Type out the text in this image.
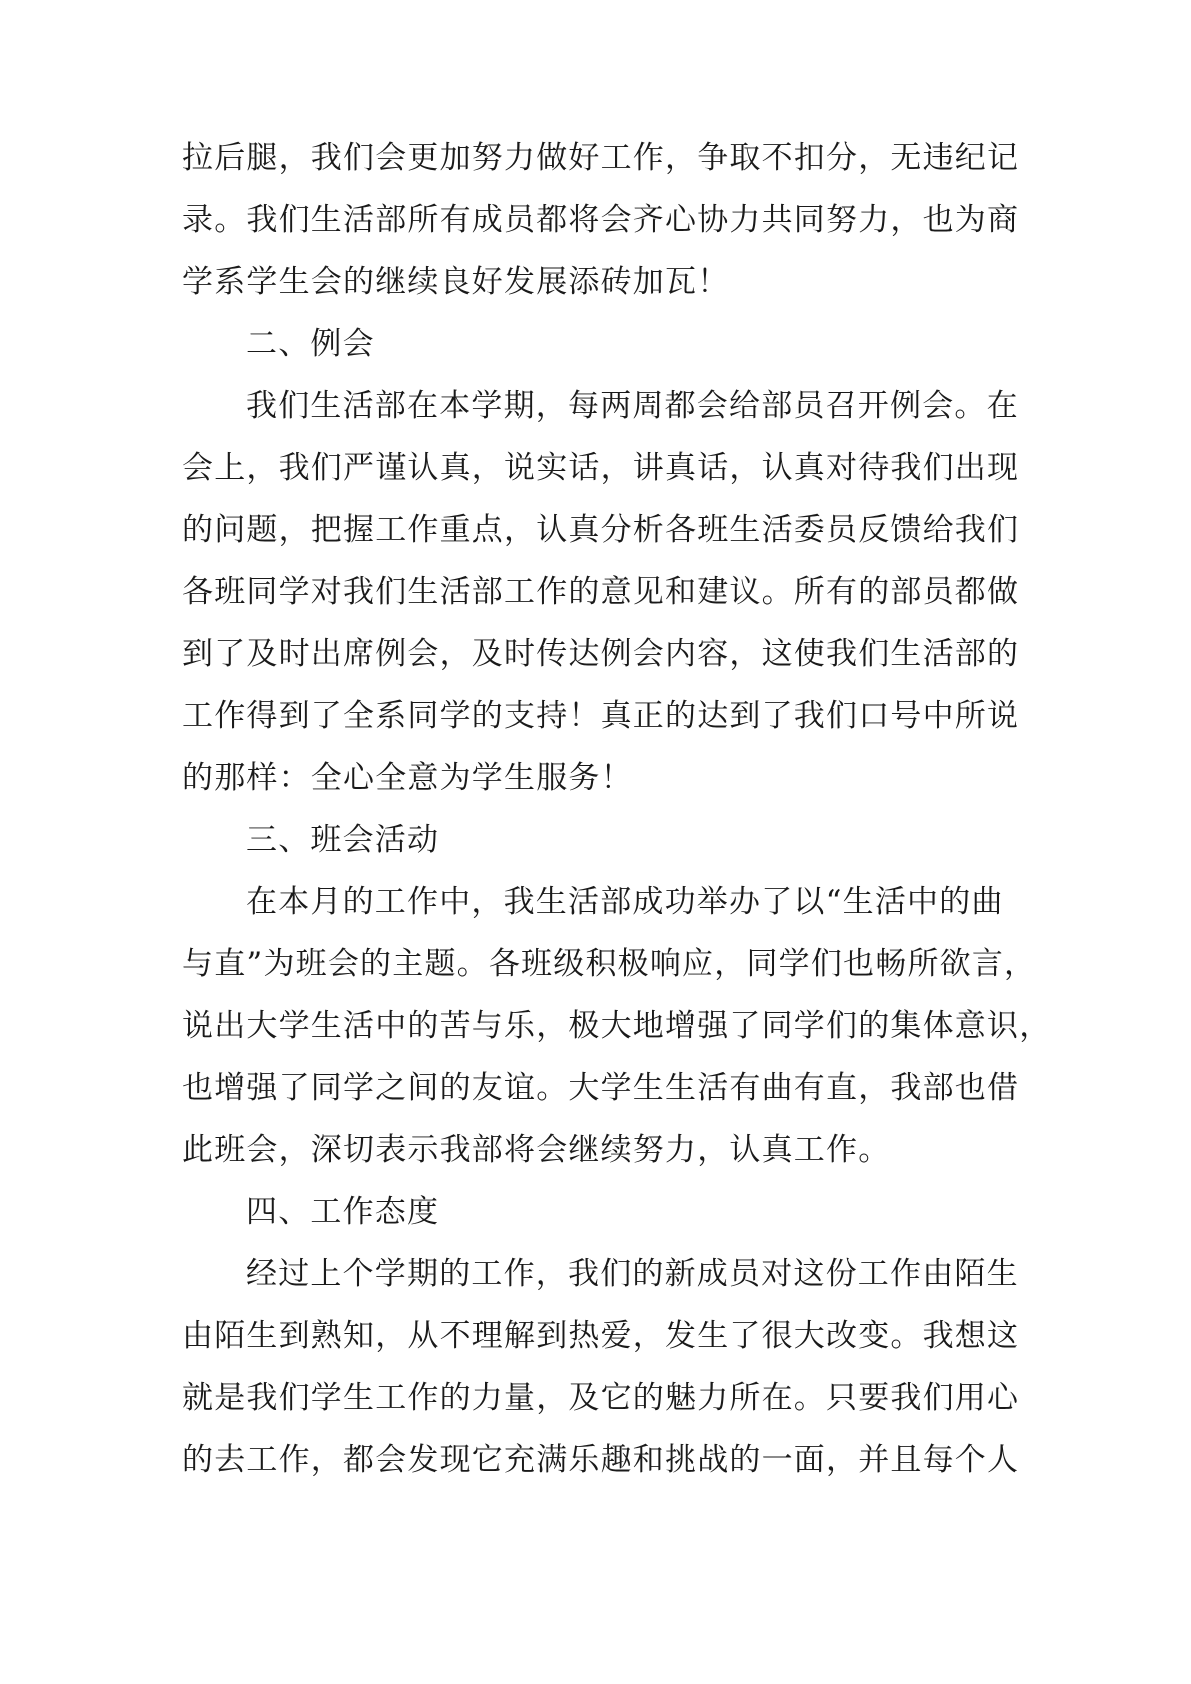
拉后腿，我们会更加努力做好工作，争取不扣分，无违纪记
录。我们生活部所有成员都将会齐心协力共同努力，也为商
学系学生会的继续良好发展添砖加瓦！
二、例会
我们生活部在本学期，每两周都会给部员召开例会。在
会上，我们严谨认真，说实话，讲真话，认真对待我们出现
的问题，把握工作重点，认真分析各班生活委员反馈给我们
各班同学对我们生活部工作的意见和建议。所有的部员都做
到了及时出席例会，及时传达例会内容，这使我们生活部的
工作得到了全系同学的支持！真正的达到了我们口号中所说
的那样：全心全意为学生服务！
三、班会活动
在本月的工作中，我生活部成功举办了以“生活中的曲
与直”为班会的主题。各班级积极响应，同学们也畅所欲言，
说出大学生活中的苦与乐，极大地增强了同学们的集体意识，
也增强了同学之间的友谊。大学生生活有曲有直，我部也借
此班会，深切表示我部将会继续努力，认真工作。
四、工作态度
经过上个学期的工作，我们的新成员对这份工作由陌生
由陌生到熟知，从不理解到热爱，发生了很大改变。我想这
就是我们学生工作的力量，及它的魅力所在。只要我们用心
的去工作，都会发现它充满乐趣和挑战的一面，并且每个人
